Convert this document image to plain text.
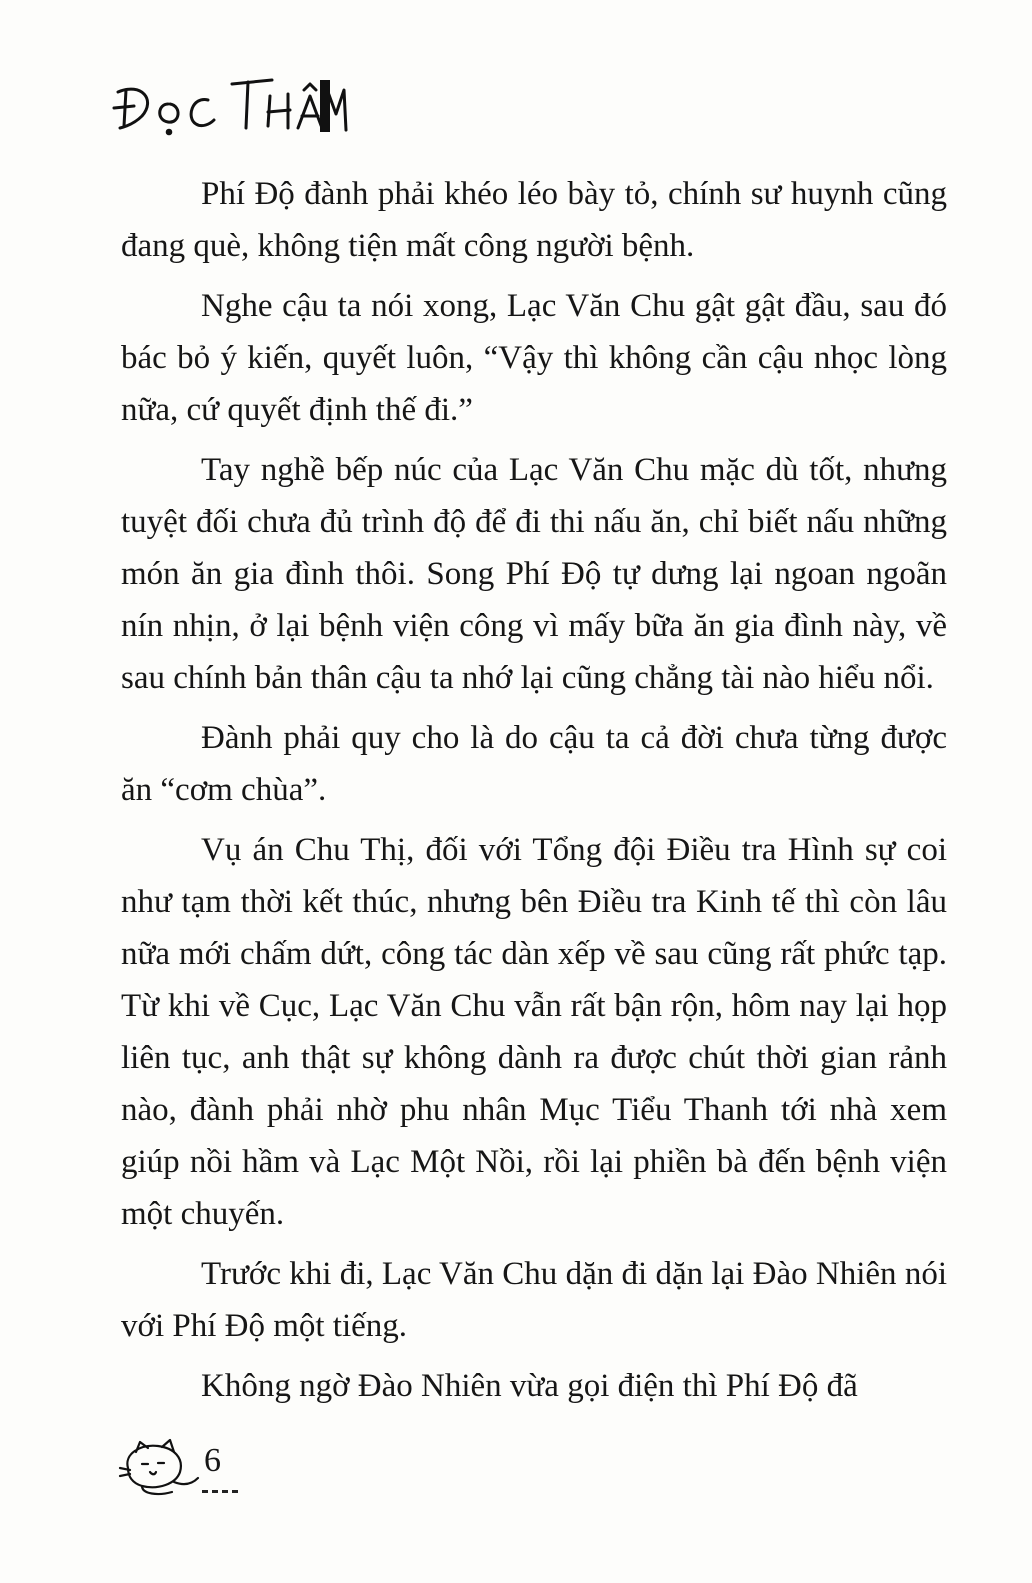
Phí Độ đành phải khéo léo bày tỏ, chính sư huynh cũng đang què, không tiện mất công người bệnh.

Nghe cậu ta nói xong, Lạc Văn Chu gật gật đầu, sau đó bác bỏ ý kiến, quyết luôn, “Vậy thì không cần cậu nhọc lòng nữa, cứ quyết định thế đi.”

Tay nghề bếp núc của Lạc Văn Chu mặc dù tốt, nhưng tuyệt đối chưa đủ trình độ để đi thi nấu ăn, chỉ biết nấu những món ăn gia đình thôi. Song Phí Độ tự dưng lại ngoan ngoãn nín nhịn, ở lại bệnh viện công vì mấy bữa ăn gia đình này, về sau chính bản thân cậu ta nhớ lại cũng chẳng tài nào hiểu nổi.

Đành phải quy cho là do cậu ta cả đời chưa từng được ăn “cơm chùa”.

Vụ án Chu Thị, đối với Tổng đội Điều tra Hình sự coi như tạm thời kết thúc, nhưng bên Điều tra Kinh tế thì còn lâu nữa mới chấm dứt, công tác dàn xếp về sau cũng rất phức tạp. Từ khi về Cục, Lạc Văn Chu vẫn rất bận rộn, hôm nay lại họp liên tục, anh thật sự không dành ra được chút thời gian rảnh nào, đành phải nhờ phu nhân Mục Tiểu Thanh tới nhà xem giúp nồi hầm và Lạc Một Nồi, rồi lại phiền bà đến bệnh viện một chuyến.

Trước khi đi, Lạc Văn Chu dặn đi dặn lại Đào Nhiên nói với Phí Độ một tiếng.

Không ngờ Đào Nhiên vừa gọi điện thì Phí Độ đã

6
